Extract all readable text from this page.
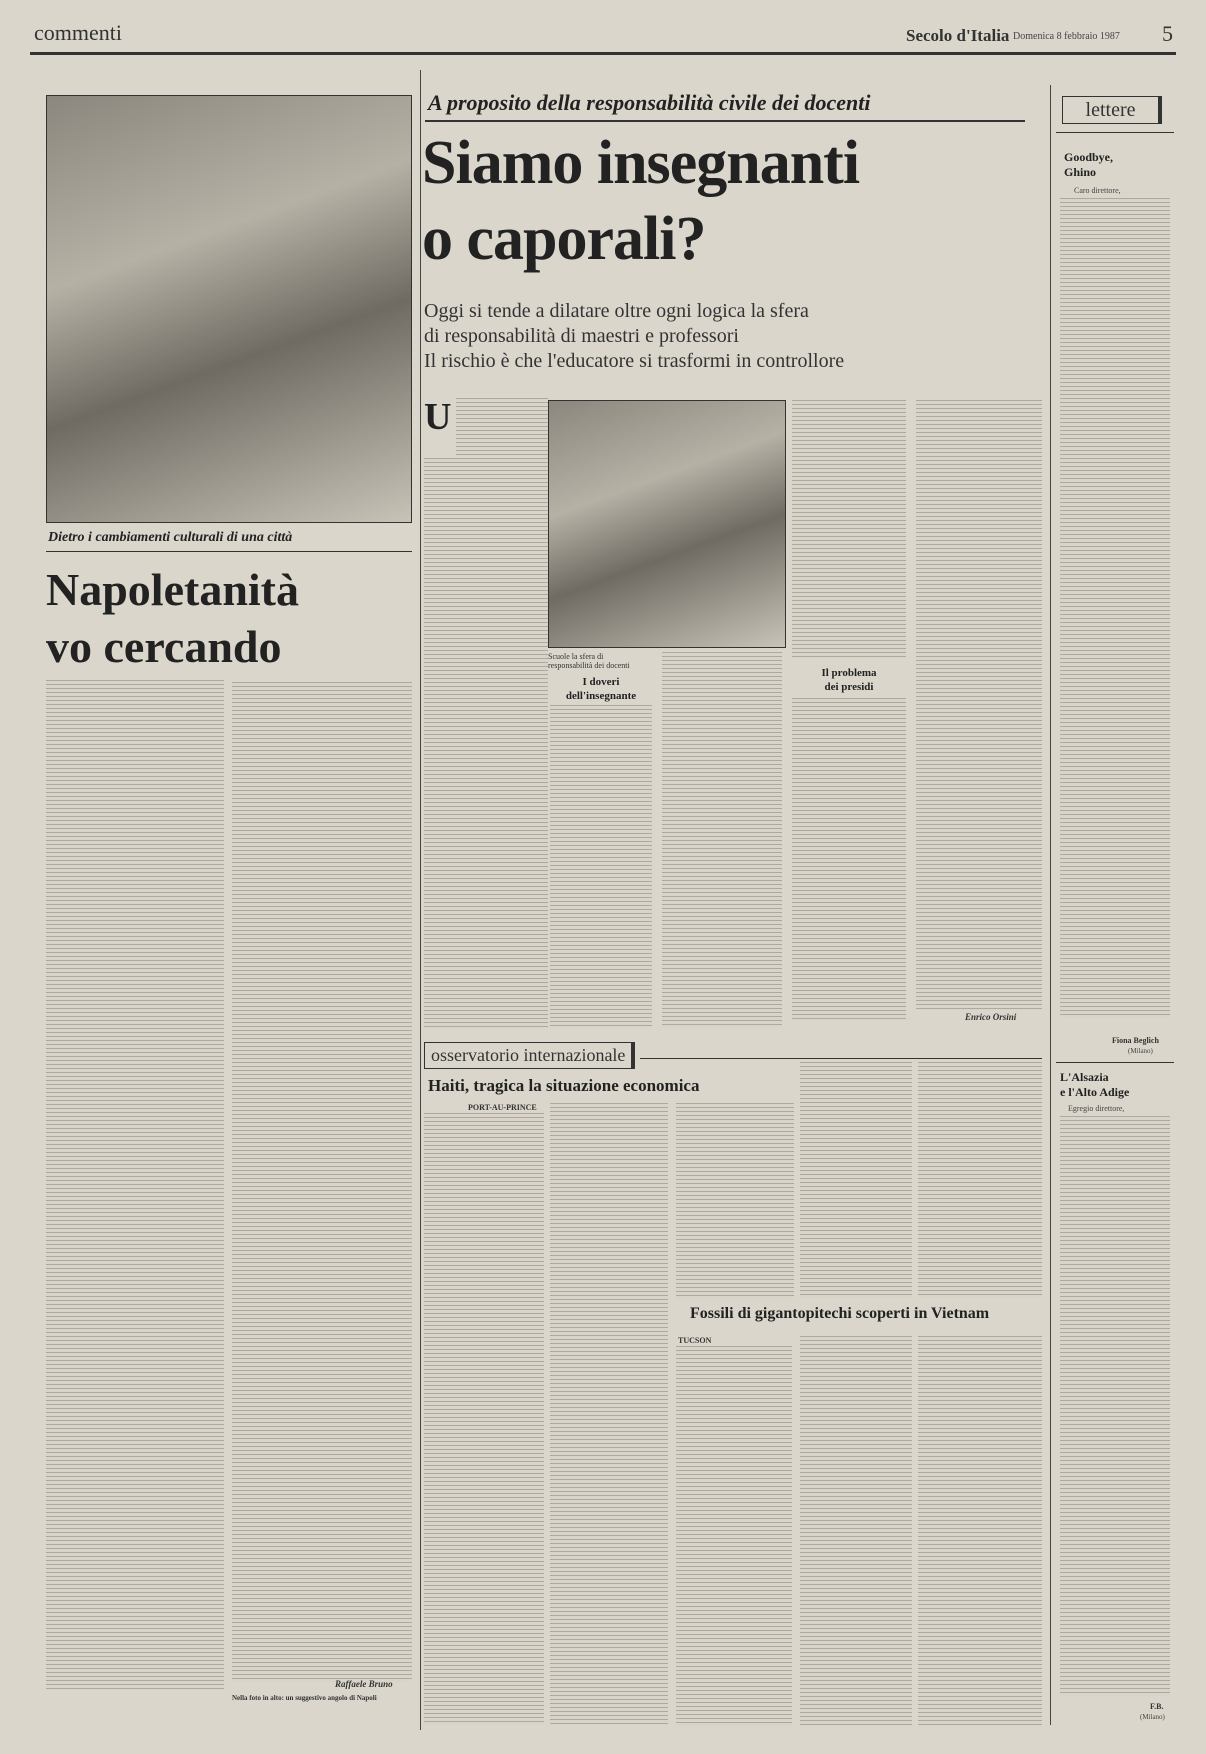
commenti	Secolo d'Italia Domenica 8 febbraio 1987 5
Dietro i cambiamenti culturali di una città
Napoletanità
vo cercando
Raffaele Bruno
Nella foto in alto: un suggestivo angolo di Napoli
A proposito della responsabilità civile dei docenti
Siamo insegnanti
o caporali?
Oggi si tende a dilatare oltre ogni logica la sfera
di responsabilità di maestri e professori
Il rischio è che l'educatore si trasformi in controllore
U
Scuole la sfera di responsabilità dei docenti
I doveri
dell'insegnante
Il problema
dei presidi
Enrico Orsini
osservatorio internazionale
Haiti, tragica la situazione economica
PORT-AU-PRINCE
Fossili di gigantopitechi scoperti in Vietnam
TUCSON
lettere
Goodbye,
Ghino
Caro direttore,
Fiona Beglich
(Milano)
L'Alsazia
e l'Alto Adige
Egregio direttore,
F.B.
(Milano)
